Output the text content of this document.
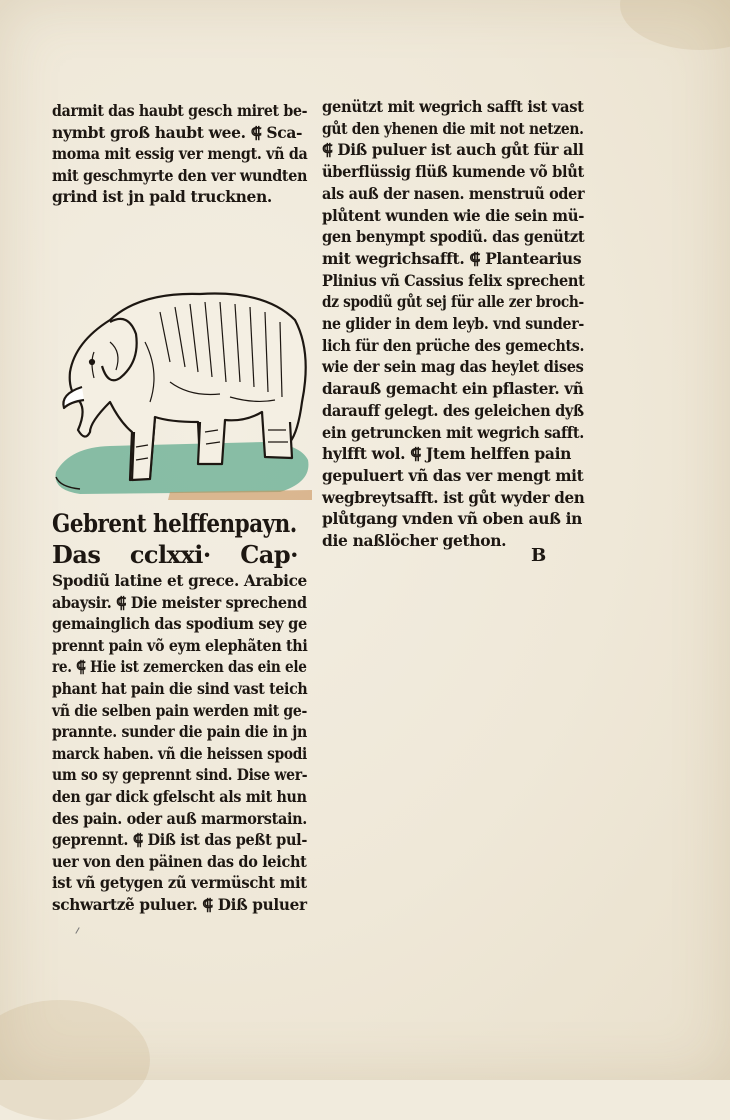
darmit das haubt gesch miret be‑
nymbt groß haubt wee. ⸿ Sca‑
moma mit essig ver mengt. vñ da
mit geschmyrte den ver wundten
grind ist jn pald trucknen.
Gebrent helffenpayn.
Das cclxxi· Cap·
Spodiũ latine et grece. Arabice
abaysir. ⸿ Die meister sprechend
gemainglich das spodium sey ge
prennt pain võ eym elephãten thi
re. ⸿ Hie ist zemercken das ein ele
phant hat pain die sind vast teich
vñ die selben pain werden mit ge‑
prannte. sunder die pain die in jn
marck haben. vñ die heissen spodi
um so sy geprennt sind. Dise wer‑
den gar dick gfelscht als mit hun
des pain. oder auß marmorstain.
geprennt. ⸿ Diß ist das peßt pul‑
uer von den päinen das do leicht
ist vñ getygen zũ vermüscht mit
schwartzẽ puluer. ⸿ Diß puluer
genützt mit wegrich safft ist vast
gůt den yhenen die mit not netzen.
⸿ Diß puluer ist auch gůt für all
überflüssig flüß kumende võ blůt
als auß der nasen. menstruũ oder
plůtent wunden wie die sein mü‑
gen benympt spodiũ. das genützt
mit wegrichsafft. ⸿ Plantearius
Plinius vñ Cassius felix sprechent
dz spodiũ gůt sej für alle zer broch‑
ne glider in dem leyb. vnd sunder‑
lich für den prüche des gemechts.
wie der sein mag das heylet dises
darauß gemacht ein pflaster. vñ
darauff gelegt. des geleichen dyß
ein getruncken mit wegrich safft.
hylfft wol. ⸿ Jtem helffen pain
gepuluert vñ das ver mengt mit
wegbreytsafft. ist gůt wyder den
plůtgang vnden vñ oben auß in
die naßlöcher gethon.
B
